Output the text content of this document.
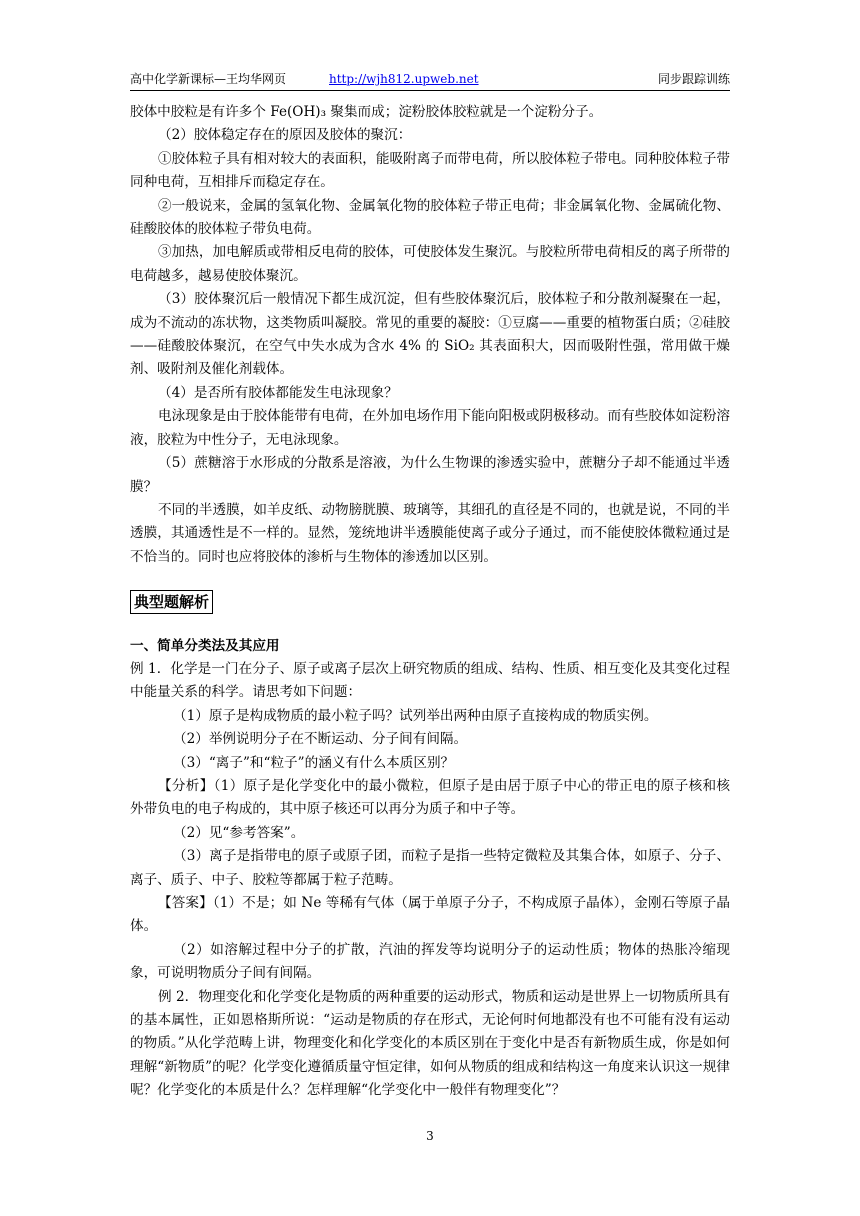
高中化学新课标—王均华网页	http://wjh812.upweb.net	同步跟踪训练

胶体中胶粒是有许多个 Fe(OH)₃ 聚集而成；淀粉胶体胶粒就是一个淀粉分子。

（2）胶体稳定存在的原因及胶体的聚沉：

①胶体粒子具有相对较大的表面积，能吸附离子而带电荷，所以胶体粒子带电。同种胶体粒子带同种电荷，互相排斥而稳定存在。

②一般说来，金属的氢氧化物、金属氧化物的胶体粒子带正电荷；非金属氧化物、金属硫化物、硅酸胶体的胶体粒子带负电荷。

③加热，加电解质或带相反电荷的胶体，可使胶体发生聚沉。与胶粒所带电荷相反的离子所带的电荷越多，越易使胶体聚沉。

（3）胶体聚沉后一般情况下都生成沉淀，但有些胶体聚沉后，胶体粒子和分散剂凝聚在一起，成为不流动的冻状物，这类物质叫凝胶。常见的重要的凝胶：①豆腐——重要的植物蛋白质；②硅胶——硅酸胶体聚沉，在空气中失水成为含水 4% 的 SiO₂ 其表面积大，因而吸附性强，常用做干燥剂、吸附剂及催化剂载体。

（4）是否所有胶体都能发生电泳现象？

电泳现象是由于胶体能带有电荷，在外加电场作用下能向阳极或阴极移动。而有些胶体如淀粉溶液，胶粒为中性分子，无电泳现象。

（5）蔗糖溶于水形成的分散系是溶液，为什么生物课的渗透实验中，蔗糖分子却不能通过半透膜？

不同的半透膜，如羊皮纸、动物膀胱膜、玻璃等，其细孔的直径是不同的，也就是说，不同的半透膜，其通透性是不一样的。显然，笼统地讲半透膜能使离子或分子通过，而不能使胶体微粒通过是不恰当的。同时也应将胶体的渗析与生物体的渗透加以区别。

典型题解析

一、简单分类法及其应用

例 1．化学是一门在分子、原子或离子层次上研究物质的组成、结构、性质、相互变化及其变化过程中能量关系的科学。请思考如下问题：

（1）原子是构成物质的最小粒子吗？试列举出两种由原子直接构成的物质实例。

（2）举例说明分子在不断运动、分子间有间隔。

（3）“离子”和“粒子”的涵义有什么本质区别？

【分析】（1）原子是化学变化中的最小微粒，但原子是由居于原子中心的带正电的原子核和核外带负电的电子构成的，其中原子核还可以再分为质子和中子等。

（2）见“参考答案”。

（3）离子是指带电的原子或原子团，而粒子是指一些特定微粒及其集合体，如原子、分子、离子、质子、中子、胶粒等都属于粒子范畴。

【答案】（1）不是；如 Ne 等稀有气体（属于单原子分子，不构成原子晶体），金刚石等原子晶体。

（2）如溶解过程中分子的扩散，汽油的挥发等均说明分子的运动性质；物体的热胀冷缩现象，可说明物质分子间有间隔。

例 2．物理变化和化学变化是物质的两种重要的运动形式，物质和运动是世界上一切物质所具有的基本属性，正如恩格斯所说：“运动是物质的存在形式，无论何时何地都没有也不可能有没有运动的物质。”从化学范畴上讲，物理变化和化学变化的本质区别在于变化中是否有新物质生成，你是如何理解“新物质”的呢？化学变化遵循质量守恒定律，如何从物质的组成和结构这一角度来认识这一规律呢？化学变化的本质是什么？怎样理解“化学变化中一般伴有物理变化”？

3
